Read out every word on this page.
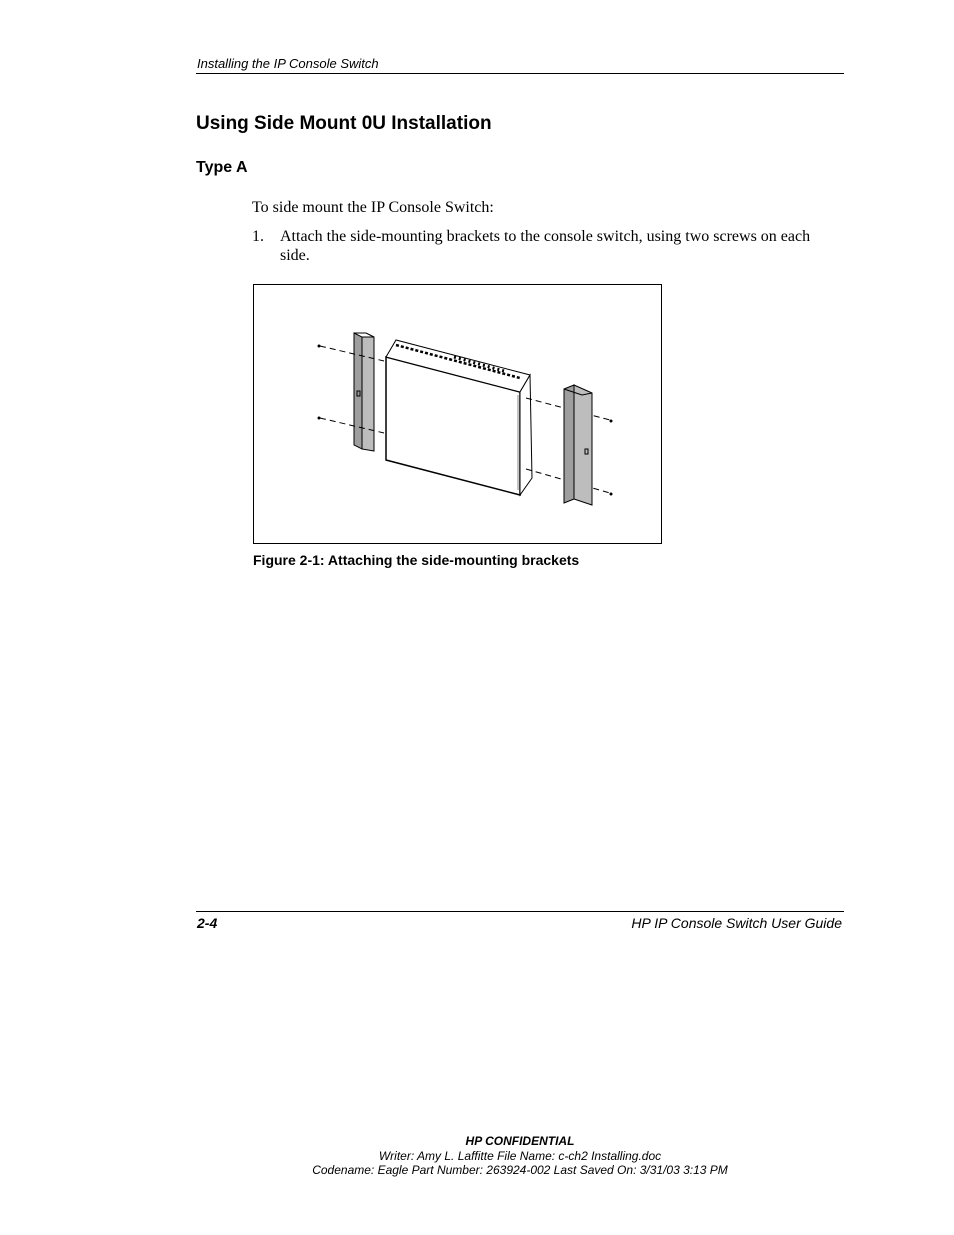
Installing the IP Console Switch
Using Side Mount 0U Installation
Type A
To side mount the IP Console Switch:
1. Attach the side-mounting brackets to the console switch, using two screws on each side.
Figure 2-1: Attaching the side-mounting brackets
2-4	HP IP Console Switch User Guide
HP CONFIDENTIAL
Writer: Amy L. Laffitte File Name: c-ch2 Installing.doc
Codename: Eagle Part Number: 263924-002 Last Saved On: 3/31/03 3:13 PM
